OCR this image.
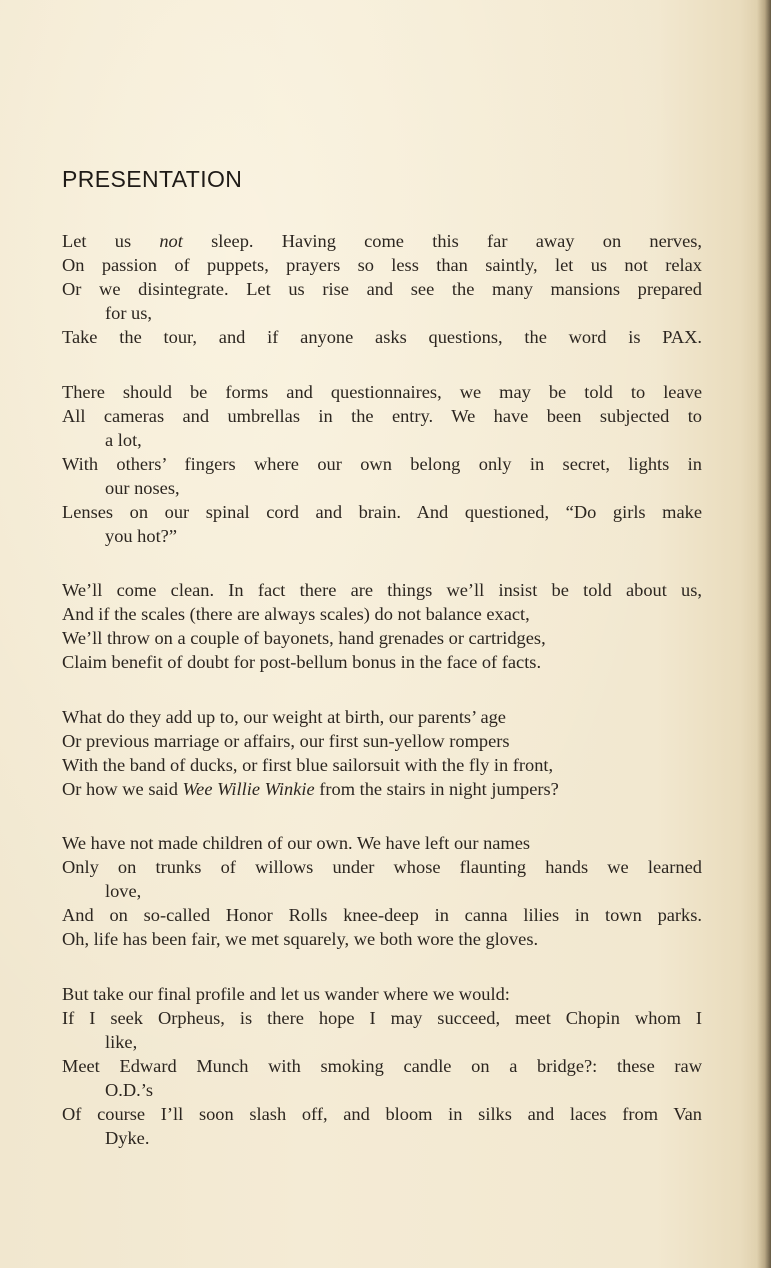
PRESENTATION
Let us not sleep. Having come this far away on nerves,
On passion of puppets, prayers so less than saintly, let us not relax
Or we disintegrate. Let us rise and see the many mansions prepared
for us,
Take the tour, and if anyone asks questions, the word is PAX.
There should be forms and questionnaires, we may be told to leave
All cameras and umbrellas in the entry. We have been subjected to
a lot,
With others’ fingers where our own belong only in secret, lights in
our noses,
Lenses on our spinal cord and brain. And questioned, “Do girls make
you hot?”
We’ll come clean. In fact there are things we’ll insist be told about us,
And if the scales (there are always scales) do not balance exact,
We’ll throw on a couple of bayonets, hand grenades or cartridges,
Claim benefit of doubt for post-bellum bonus in the face of facts.
What do they add up to, our weight at birth, our parents’ age
Or previous marriage or affairs, our first sun-yellow rompers
With the band of ducks, or first blue sailorsuit with the fly in front,
Or how we said Wee Willie Winkie from the stairs in night jumpers?
We have not made children of our own. We have left our names
Only on trunks of willows under whose flaunting hands we learned
love,
And on so-called Honor Rolls knee-deep in canna lilies in town parks.
Oh, life has been fair, we met squarely, we both wore the gloves.
But take our final profile and let us wander where we would:
If I seek Orpheus, is there hope I may succeed, meet Chopin whom I
like,
Meet Edward Munch with smoking candle on a bridge?: these raw
O.D.’s
Of course I’ll soon slash off, and bloom in silks and laces from Van
Dyke.
